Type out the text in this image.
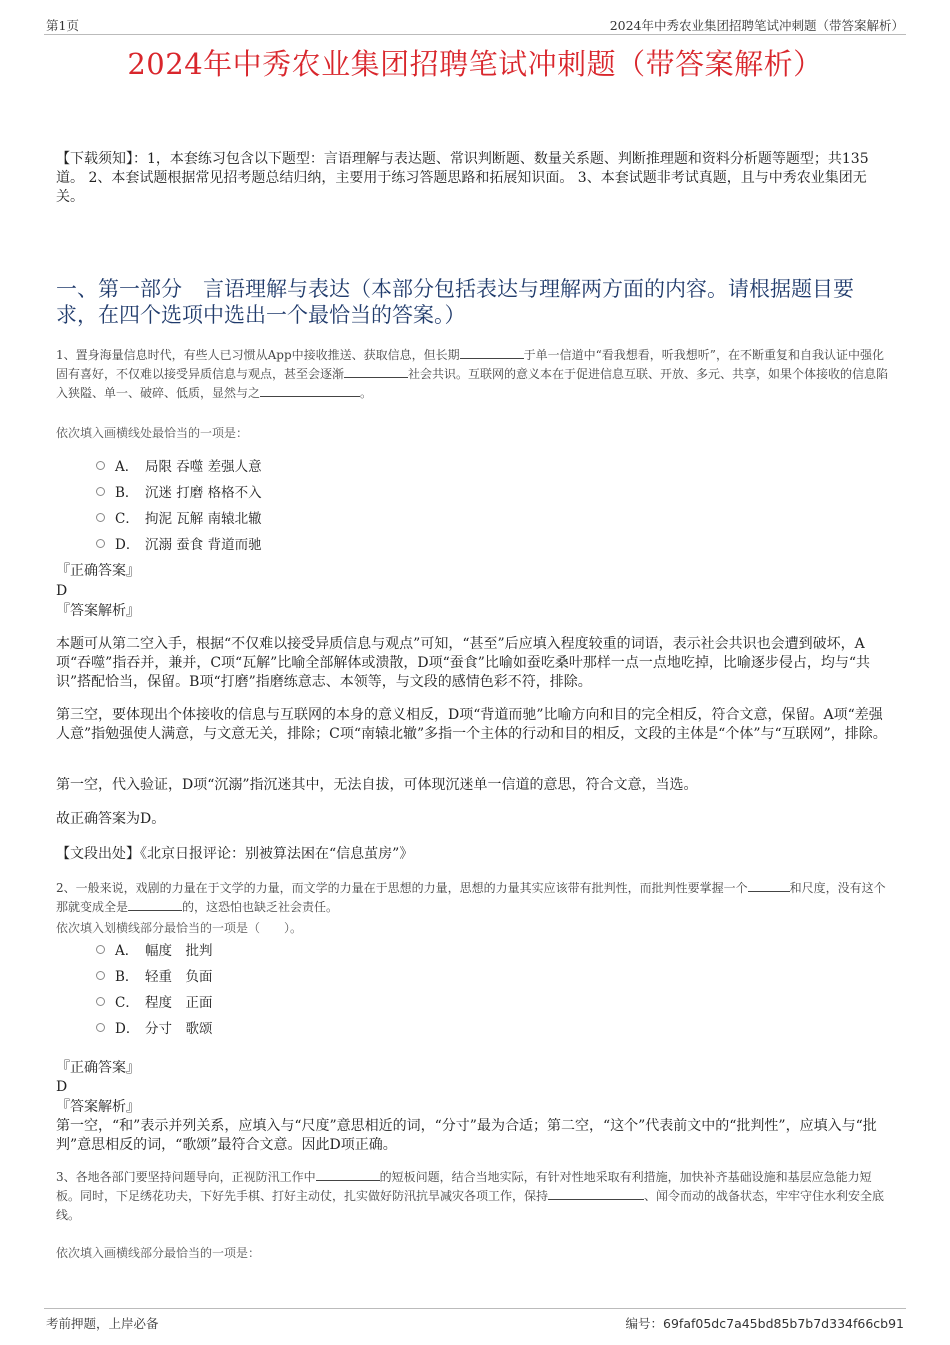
第1页	2024年中秀农业集团招聘笔试冲刺题（带答案解析）
2024年中秀农业集团招聘笔试冲刺题（带答案解析）
【下载须知】：1，本套练习包含以下题型：言语理解与表达题、常识判断题、数量关系题、判断推理题和资料分析题等题型；共135道。 2、本套试题根据常见招考题总结归纳，主要用于练习答题思路和拓展知识面。 3、本套试题非考试真题，且与中秀农业集团无关。
一、第一部分　言语理解与表达（本部分包括表达与理解两方面的内容。请根据题目要求，在四个选项中选出一个最恰当的答案。）
1、置身海量信息时代，有些人已习惯从App中接收推送、获取信息，但长期	于单一信道中“看我想看，听我想听”，在不断重复和自我认证中强化固有喜好，不仅难以接受异质信息与观点，甚至会逐渐	社会共识。互联网的意义本在于促进信息互联、开放、多元、共享，如果个体接收的信息陷入狭隘、单一、破碎、低质，显然与之	。
依次填入画横线处最恰当的一项是：
A． 局限 吞噬 差强人意
B． 沉迷 打磨 格格不入
C． 拘泥 瓦解 南辕北辙
D． 沉溺 蚕食 背道而驰
『正确答案』
D
『答案解析』
本题可从第二空入手，根据“不仅难以接受异质信息与观点”可知，“甚至”后应填入程度较重的词语，表示社会共识也会遭到破坏，A项“吞噬”指吞并，兼并，C项“瓦解”比喻全部解体或溃散，D项“蚕食”比喻如蚕吃桑叶那样一点一点地吃掉，比喻逐步侵占，均与“共识”搭配恰当，保留。B项“打磨”指磨练意志、本领等，与文段的感情色彩不符，排除。
第三空，要体现出个体接收的信息与互联网的本身的意义相反，D项“背道而驰”比喻方向和目的完全相反，符合文意，保留。A项“差强人意”指勉强使人满意，与文意无关，排除；C项“南辕北辙”多指一个主体的行动和目的相反，文段的主体是“个体”与“互联网”，排除。
第一空，代入验证，D项“沉溺”指沉迷其中，无法自拔，可体现沉迷单一信道的意思，符合文意，当选。
故正确答案为D。
【文段出处】《北京日报评论：别被算法困在“信息茧房”》
2、一般来说，戏剧的力量在于文学的力量，而文学的力量在于思想的力量，思想的力量其实应该带有批判性，而批判性要掌握一个	和尺度，没有这个那就变成全是	的，这恐怕也缺乏社会责任。
依次填入划横线部分最恰当的一项是（　　）。
A． 幅度　批判
B． 轻重　负面
C． 程度　正面
D． 分寸　歌颂
『正确答案』
D
『答案解析』
第一空，“和”表示并列关系，应填入与“尺度”意思相近的词，“分寸”最为合适；第二空，“这个”代表前文中的“批判性”，应填入与“批判”意思相反的词，“歌颂”最符合文意。因此D项正确。
3、各地各部门要坚持问题导向，正视防汛工作中	的短板问题，结合当地实际，有针对性地采取有利措施，加快补齐基础设施和基层应急能力短板。同时，下足绣花功夫，下好先手棋、打好主动仗，扎实做好防汛抗旱减灾各项工作，保持	、闻令而动的战备状态，牢牢守住水利安全底线。
依次填入画横线部分最恰当的一项是：
考前押题，上岸必备	编号：69faf05dc7a45bd85b7b7d334f66cb91
